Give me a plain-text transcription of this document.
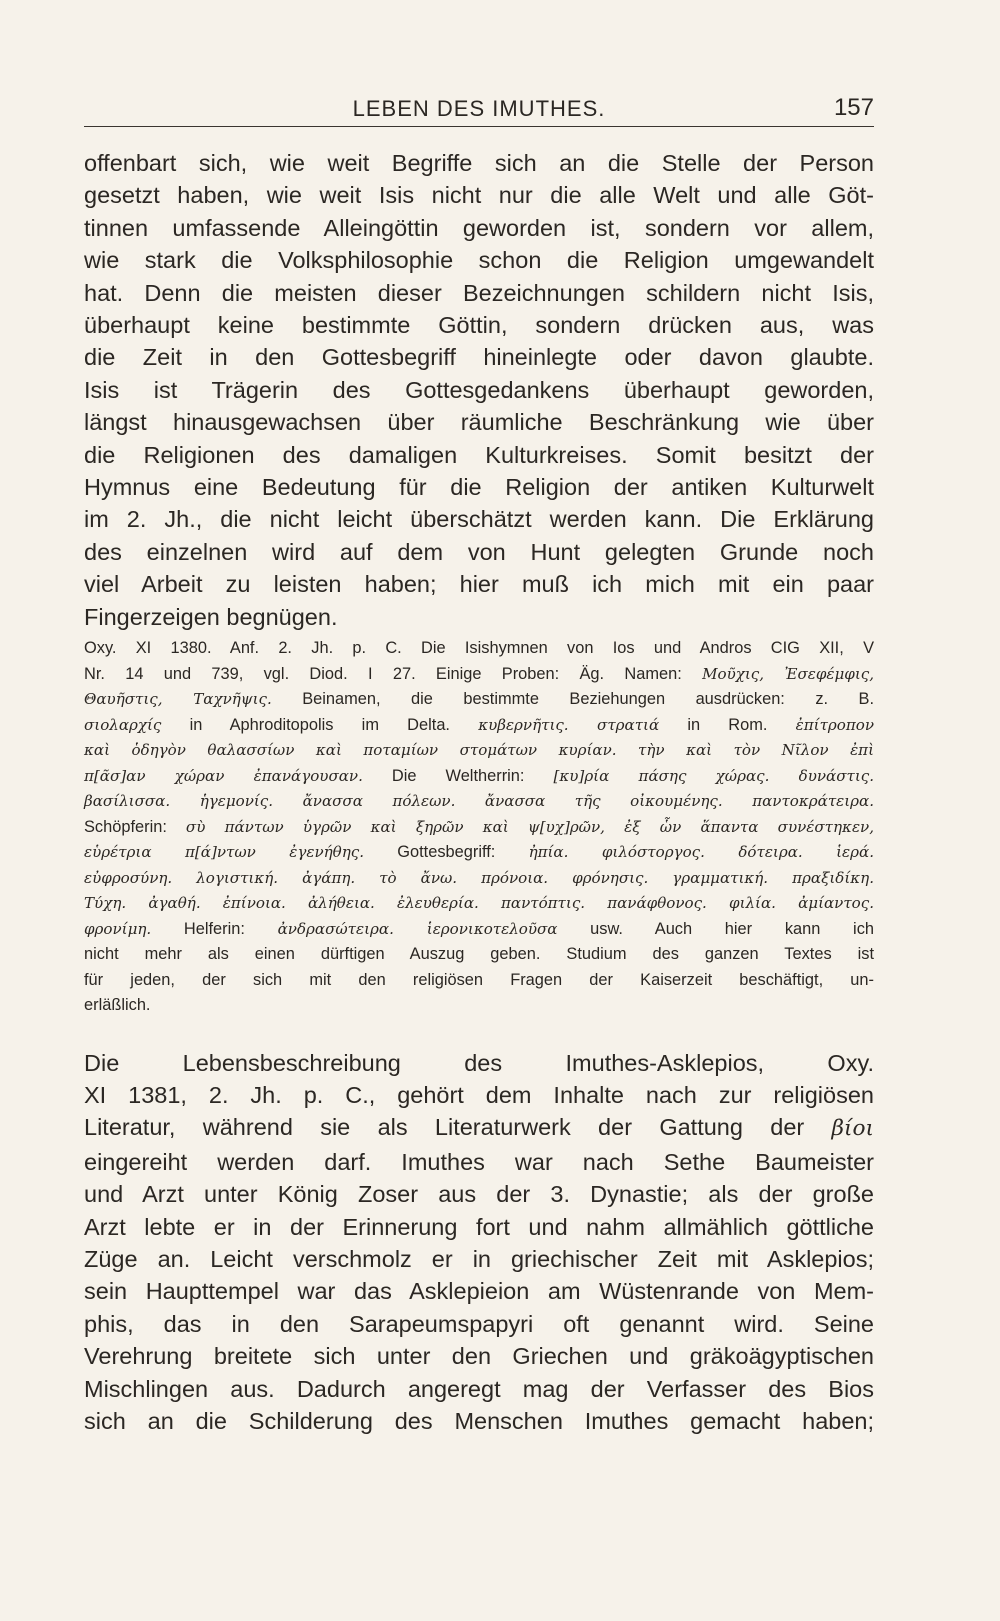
LEBEN DES IMUTHES.	157
offenbart sich, wie weit Begriffe sich an die Stelle der Person
gesetzt haben, wie weit Isis nicht nur die alle Welt und alle Göt-
tinnen umfassende Alleingöttin geworden ist, sondern vor allem,
wie stark die Volksphilosophie schon die Religion umgewandelt
hat. Denn die meisten dieser Bezeichnungen schildern nicht Isis,
überhaupt keine bestimmte Göttin, sondern drücken aus, was
die Zeit in den Gottesbegriff hineinlegte oder davon glaubte.
Isis ist Trägerin des Gottesgedankens überhaupt geworden,
längst hinausgewachsen über räumliche Beschränkung wie über
die Religionen des damaligen Kulturkreises. Somit besitzt der
Hymnus eine Bedeutung für die Religion der antiken Kulturwelt
im 2. Jh., die nicht leicht überschätzt werden kann. Die Erklärung
des einzelnen wird auf dem von Hunt gelegten Grunde noch
viel Arbeit zu leisten haben; hier muß ich mich mit ein paar
Fingerzeigen begnügen.
Oxy. XI 1380. Anf. 2. Jh. p. C. Die Isishymnen von Ios und Andros CIG XII, V
Nr. 14 und 739, vgl. Diod. I 27. Einige Proben: Äg. Namen: Μοῦχις, Ἐσεφέμφις,
Θαυῆστις, Ταχνῆψις. Beinamen, die bestimmte Beziehungen ausdrücken: z. B.
σιολαρχίς in Aphroditopolis im Delta. κυβερνῆτις. στρατιά in Rom. ἐπίτροπον
καὶ ὁδηγὸν θαλασσίων καὶ ποταμίων στομάτων κυρίαν. τὴν καὶ τὸν Νῖλον ἐπὶ
π[ᾶσ]αν χώραν ἐπανάγουσαν. Die Weltherrin: [κυ]ρία πάσης χώρας. δυνάστις.
βασίλισσα. ἡγεμονίς. ἄνασσα πόλεων. ἄνασσα τῆς οἰκουμένης. παντοκράτειρα.
Schöpferin: σὺ πάντων ὑγρῶν καὶ ξηρῶν καὶ ψ[υχ]ρῶν, ἐξ ὧν ἅπαντα συνέστηκεν,
εὑρέτρια π[ά]ντων ἐγενήθης. Gottesbegriff: ἠπία. φιλόστοργος. δότειρα. ἱερά.
εὐφροσύνη. λογιστική. ἀγάπη. τὸ ἄνω. πρόνοια. φρόνησις. γραμματική. πραξιδίκη.
Τύχη. ἀγαθή. ἐπίνοια. ἀλήθεια. ἐλευθερία. παντόπτις. πανάφθονος. φιλία. ἀμίαντος.
φρονίμη. Helferin: ἀνδρασώτειρα. ἱερονικοτελοῦσα usw. Auch hier kann ich
nicht mehr als einen dürftigen Auszug geben. Studium des ganzen Textes ist
für jeden, der sich mit den religiösen Fragen der Kaiserzeit beschäftigt, un-
erläßlich.
Die Lebensbeschreibung des Imuthes-Asklepios, Oxy.
XI 1381, 2. Jh. p. C., gehört dem Inhalte nach zur religiösen
Literatur, während sie als Literaturwerk der Gattung der βίοι
eingereiht werden darf. Imuthes war nach Sethe Baumeister
und Arzt unter König Zoser aus der 3. Dynastie; als der große
Arzt lebte er in der Erinnerung fort und nahm allmählich göttliche
Züge an. Leicht verschmolz er in griechischer Zeit mit Asklepios;
sein Haupttempel war das Asklepieion am Wüstenrande von Mem-
phis, das in den Sarapeumspapyri oft genannt wird. Seine
Verehrung breitete sich unter den Griechen und gräkoägyptischen
Mischlingen aus. Dadurch angeregt mag der Verfasser des Bios
sich an die Schilderung des Menschen Imuthes gemacht haben;
